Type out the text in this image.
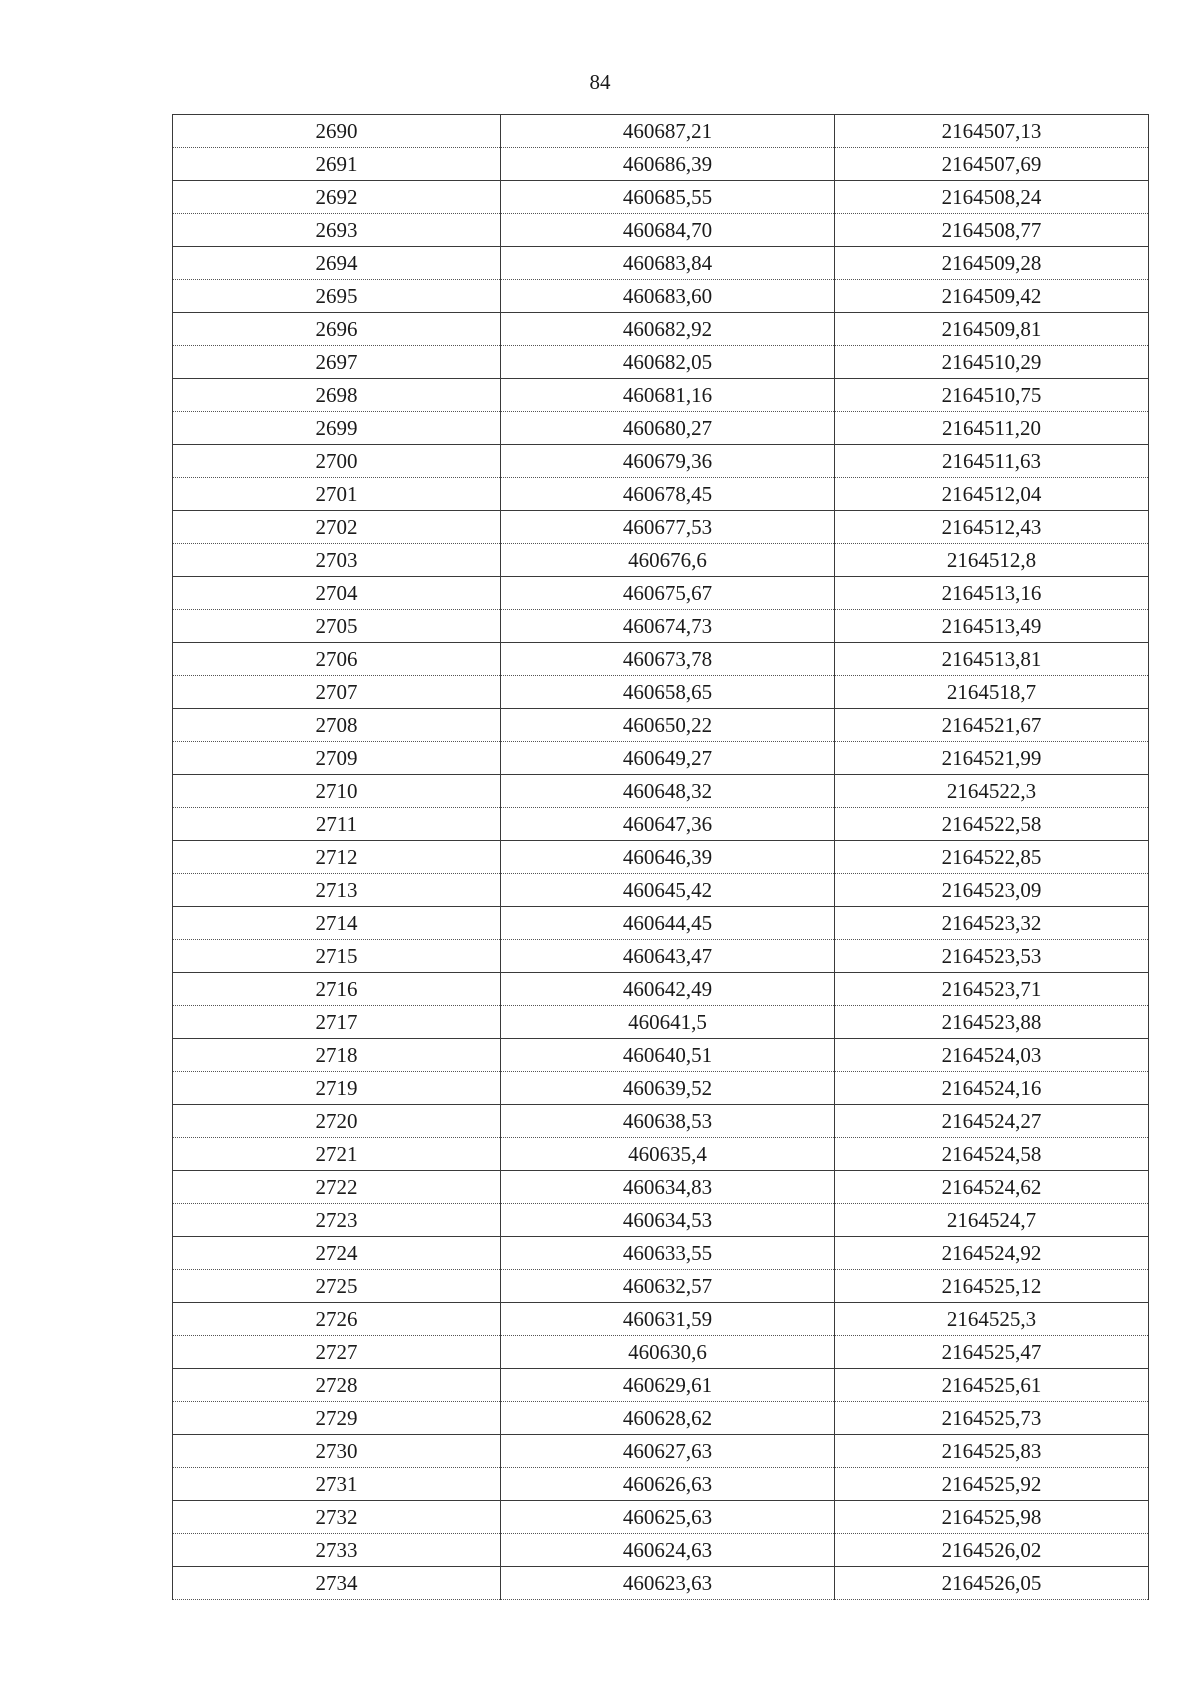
84
2690	460687,21	2164507,13
2691	460686,39	2164507,69
2692	460685,55	2164508,24
2693	460684,70	2164508,77
2694	460683,84	2164509,28
2695	460683,60	2164509,42
2696	460682,92	2164509,81
2697	460682,05	2164510,29
2698	460681,16	2164510,75
2699	460680,27	2164511,20
2700	460679,36	2164511,63
2701	460678,45	2164512,04
2702	460677,53	2164512,43
2703	460676,6	2164512,8
2704	460675,67	2164513,16
2705	460674,73	2164513,49
2706	460673,78	2164513,81
2707	460658,65	2164518,7
2708	460650,22	2164521,67
2709	460649,27	2164521,99
2710	460648,32	2164522,3
2711	460647,36	2164522,58
2712	460646,39	2164522,85
2713	460645,42	2164523,09
2714	460644,45	2164523,32
2715	460643,47	2164523,53
2716	460642,49	2164523,71
2717	460641,5	2164523,88
2718	460640,51	2164524,03
2719	460639,52	2164524,16
2720	460638,53	2164524,27
2721	460635,4	2164524,58
2722	460634,83	2164524,62
2723	460634,53	2164524,7
2724	460633,55	2164524,92
2725	460632,57	2164525,12
2726	460631,59	2164525,3
2727	460630,6	2164525,47
2728	460629,61	2164525,61
2729	460628,62	2164525,73
2730	460627,63	2164525,83
2731	460626,63	2164525,92
2732	460625,63	2164525,98
2733	460624,63	2164526,02
2734	460623,63	2164526,05
